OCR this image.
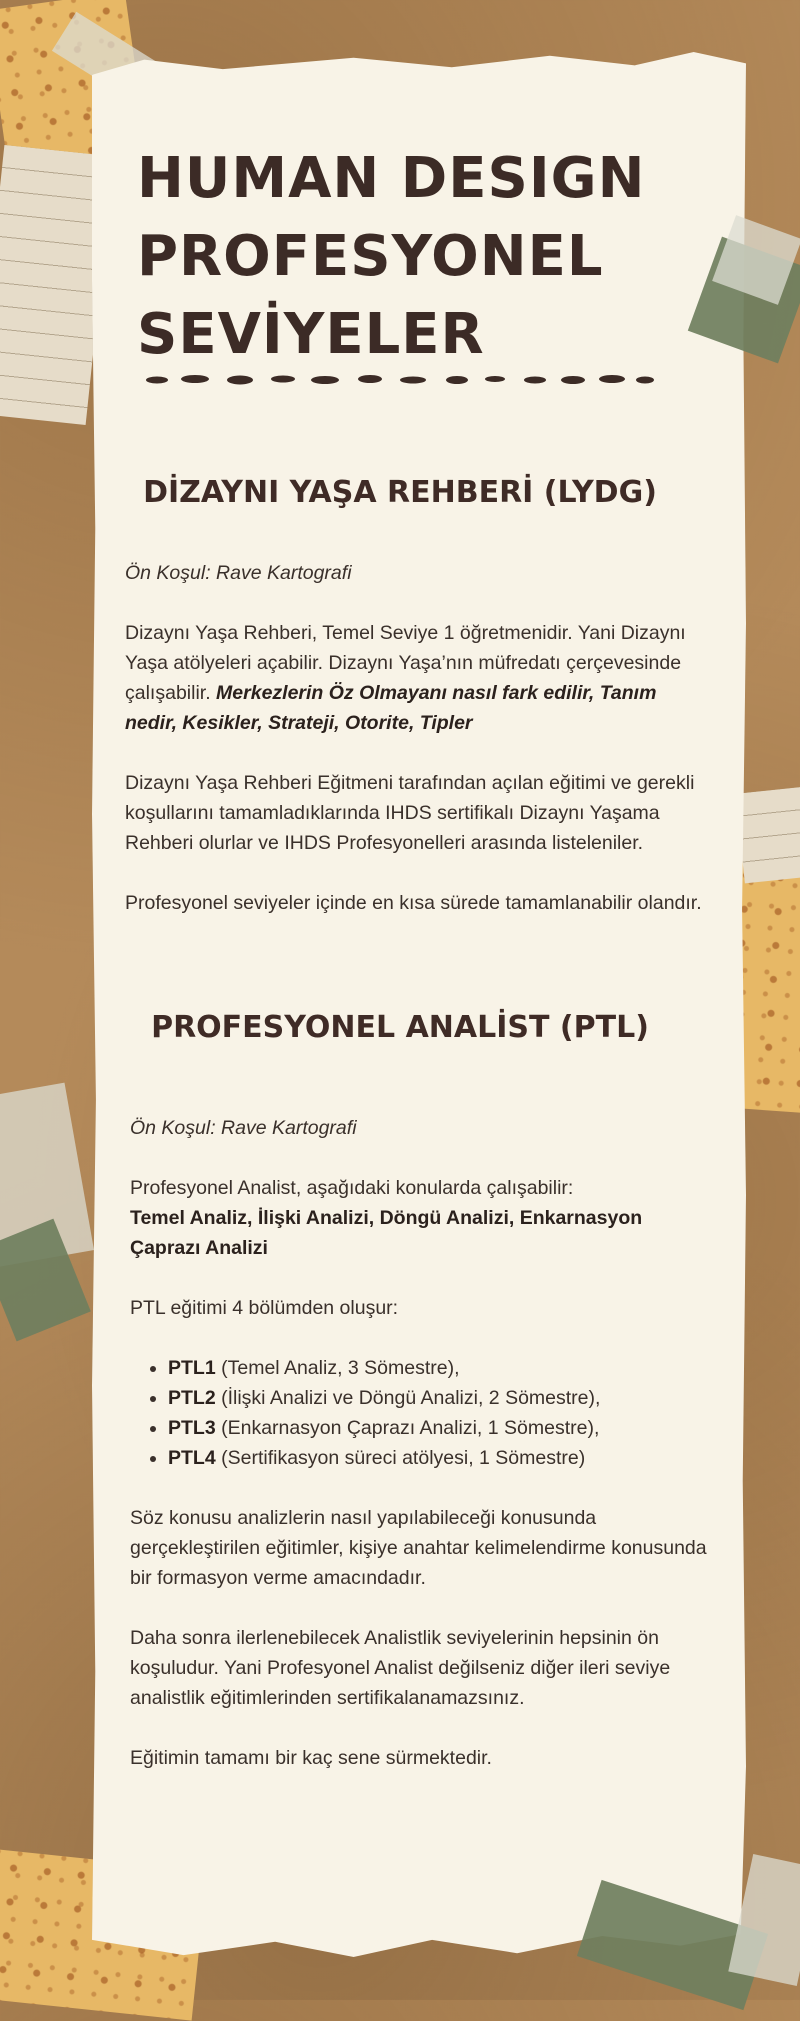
HUMAN DESIGN
PROFESYONEL
SEVİYELER
DİZAYNI YAŞA REHBERİ (LYDG)

Ön Koşul: Rave Kartografi

Dizaynı Yaşa Rehberi, Temel Seviye 1 öğretmenidir. Yani Dizaynı Yaşa atölyeleri açabilir. Dizaynı Yaşa’nın müfredatı çerçevesinde çalışabilir. Merkezlerin Öz Olmayanı nasıl fark edilir, Tanım nedir, Kesikler, Strateji, Otorite, Tipler

Dizaynı Yaşa Rehberi Eğitmeni tarafından açılan eğitimi ve gerekli koşullarını tamamladıklarında IHDS sertifikalı Dizaynı Yaşama Rehberi olurlar ve IHDS Profesyonelleri arasında listeleniler.

Profesyonel seviyeler içinde en kısa sürede tamamlanabilir olandır.

PROFESYONEL ANALİST (PTL)

Ön Koşul: Rave Kartografi

Profesyonel Analist, aşağıdaki konularda çalışabilir:

Temel Analiz, İlişki Analizi, Döngü Analizi, Enkarnasyon Çaprazı Analizi

PTL eğitimi 4 bölümden oluşur:

• PTL1 (Temel Analiz, 3 Sömestre),
• PTL2 (İlişki Analizi ve Döngü Analizi, 2 Sömestre),
• PTL3 (Enkarnasyon Çaprazı Analizi, 1 Sömestre),
• PTL4 (Sertifikasyon süreci atölyesi, 1 Sömestre)

Söz konusu analizlerin nasıl yapılabileceği konusunda gerçekleştirilen eğitimler, kişiye anahtar kelimelendirme konusunda bir formasyon verme amacındadır.

Daha sonra ilerlenebilecek Analistlik seviyelerinin hepsinin ön koşuludur. Yani Profesyonel Analist değilseniz diğer ileri seviye analistlik eğitimlerinden sertifikalanamazsınız.

Eğitimin tamamı bir kaç sene sürmektedir.
